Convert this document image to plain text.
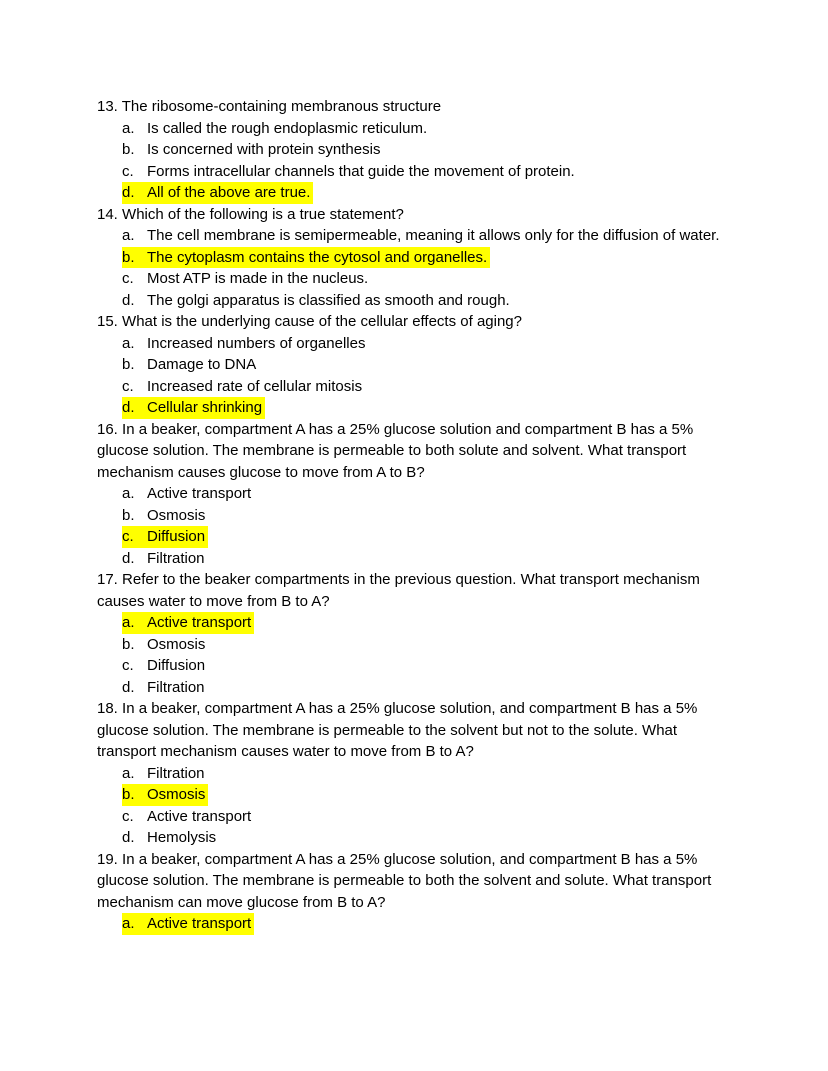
13. The ribosome-containing membranous structure

a. Is called the rough endoplasmic reticulum.
b. Is concerned with protein synthesis
c. Forms intracellular channels that guide the movement of protein.
d. All of the above are true.

14. Which of the following is a true statement?

a. The cell membrane is semipermeable, meaning it allows only for the diffusion of water.
b. The cytoplasm contains the cytosol and organelles.
c. Most ATP is made in the nucleus.
d. The golgi apparatus is classified as smooth and rough.

15. What is the underlying cause of the cellular effects of aging?

a. Increased numbers of organelles
b. Damage to DNA
c. Increased rate of cellular mitosis
d. Cellular shrinking

16. In a beaker, compartment A has a 25% glucose solution and compartment B has a 5% glucose solution. The membrane is permeable to both solute and solvent. What transport mechanism causes glucose to move from A to B?

a. Active transport
b. Osmosis
c. Diffusion
d. Filtration

17. Refer to the beaker compartments in the previous question. What transport mechanism causes water to move from B to A?

a. Active transport
b. Osmosis
c. Diffusion
d. Filtration

18. In a beaker, compartment A has a 25% glucose solution, and compartment B has a 5% glucose solution. The membrane is permeable to the solvent but not to the solute. What transport mechanism causes water to move from B to A?

a. Filtration
b. Osmosis
c. Active transport
d. Hemolysis

19. In a beaker, compartment A has a 25% glucose solution, and compartment B has a 5% glucose solution. The membrane is permeable to both the solvent and solute. What transport mechanism can move glucose from B to A?

a. Active transport
